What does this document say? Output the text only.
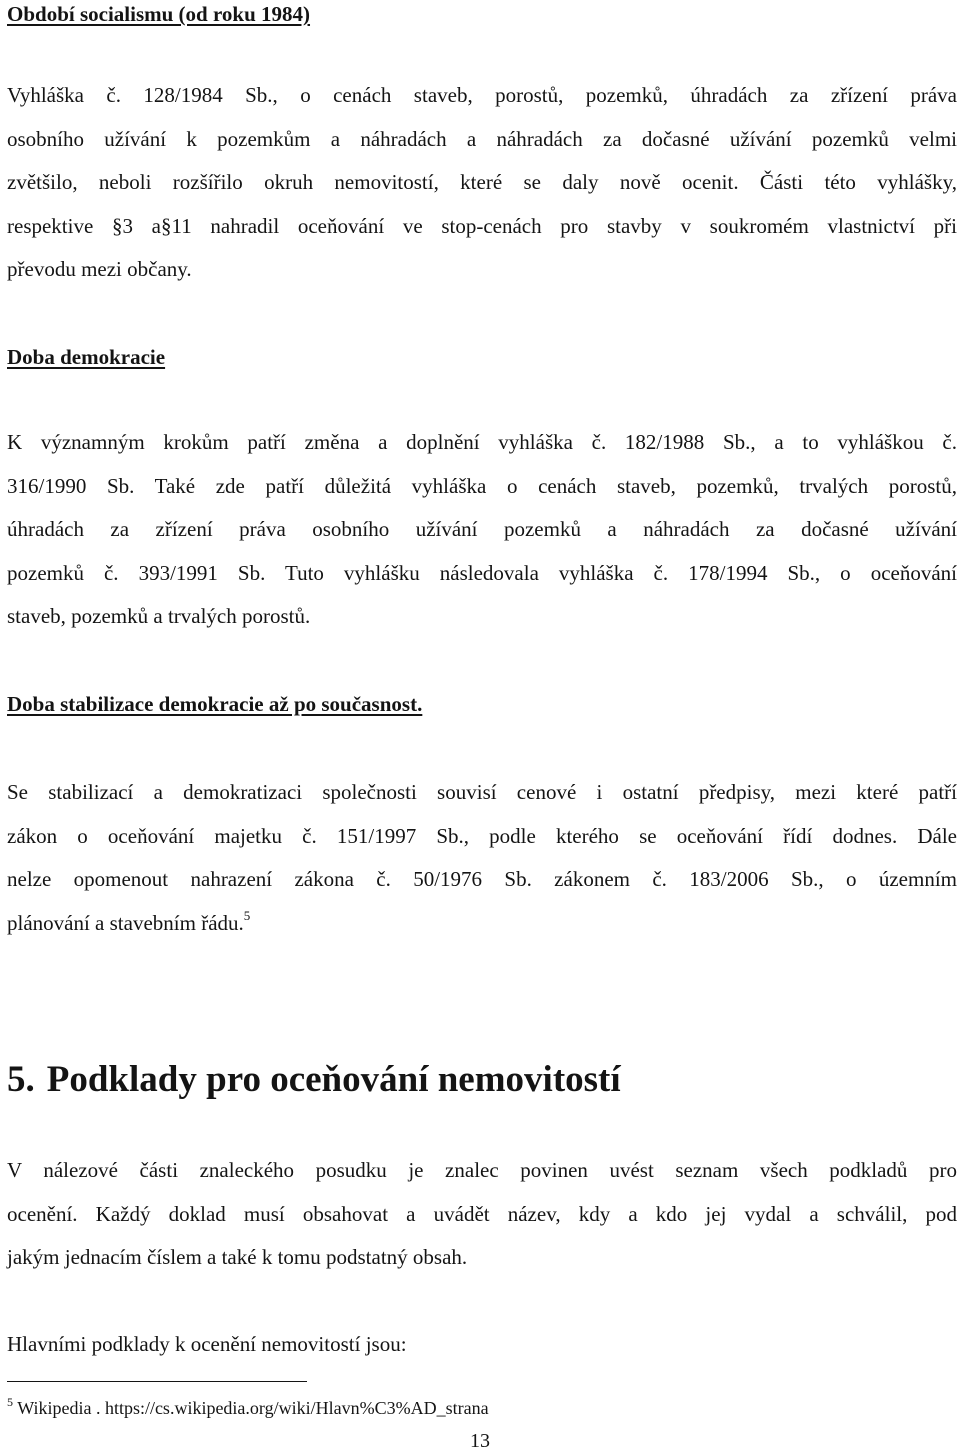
Období socialismu (od roku 1984)

Vyhláška č. 128/1984 Sb., o cenách staveb, porostů, pozemků, úhradách za zřízení práva
osobního užívání k pozemkům a náhradách a náhradách za dočasné užívání pozemků velmi
zvětšilo, neboli rozšířilo okruh nemovitostí, které se daly nově ocenit. Části této vyhlášky,
respektive §3 a§11 nahradil oceňování ve stop-cenách pro stavby v soukromém vlastnictví při
převodu mezi občany.

Doba demokracie

K významným krokům patří změna a doplnění vyhláška č. 182/1988 Sb., a to vyhláškou č.
316/1990 Sb. Také zde patří důležitá vyhláška o cenách staveb, pozemků, trvalých porostů,
úhradách za zřízení práva osobního užívání pozemků a náhradách za dočasné užívání
pozemků č. 393/1991 Sb. Tuto vyhlášku následovala vyhláška č. 178/1994 Sb., o oceňování
staveb, pozemků a trvalých porostů.

Doba stabilizace demokracie až po současnost.

Se stabilizací a demokratizaci společnosti souvisí cenové i ostatní předpisy, mezi které patří
zákon o oceňování majetku č. 151/1997 Sb., podle kterého se oceňování řídí dodnes. Dále
nelze opomenout nahrazení zákona č. 50/1976 Sb. zákonem č. 183/2006 Sb., o územním
plánování a stavebním řádu.$^5$

5. Podklady pro oceňování nemovitostí

V nálezové části znaleckého posudku je znalec povinen uvést seznam všech podkladů pro
ocenění. Každý doklad musí obsahovat a uvádět název, kdy a kdo jej vydal a schválil, pod
jakým jednacím číslem a také k tomu podstatný obsah.

Hlavními podklady k ocenění nemovitostí jsou:

$^5$ Wikipedia . https://cs.wikipedia.org/wiki/Hlavn%C3%AD_strana

13
